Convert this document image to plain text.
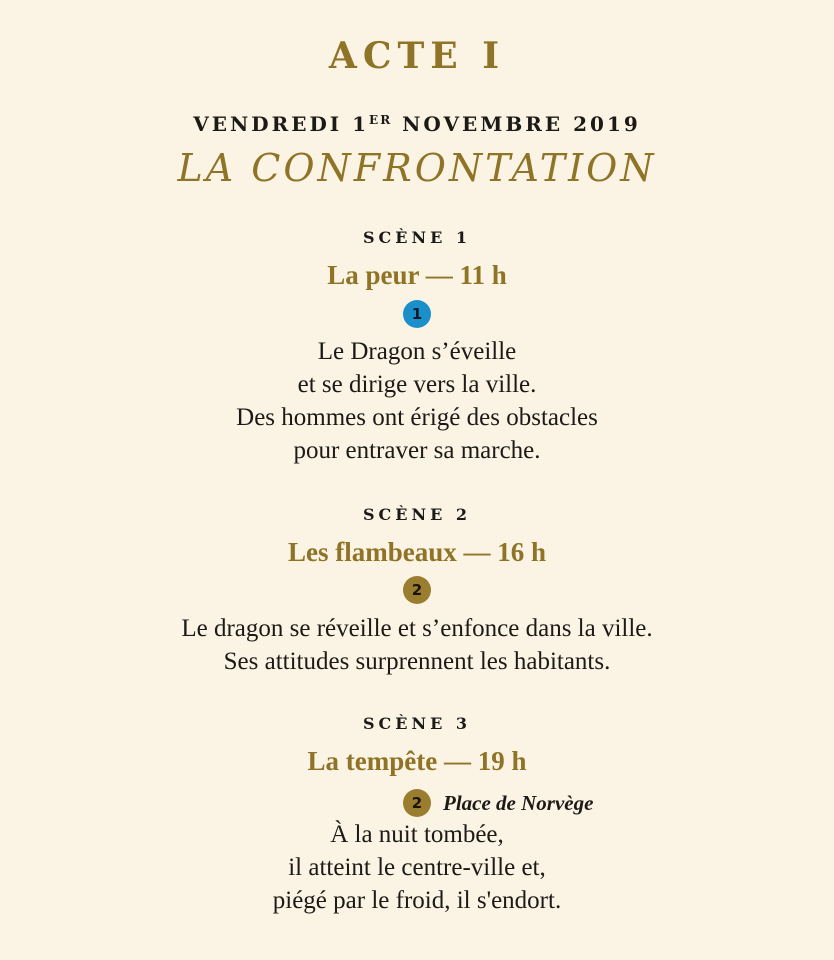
ACTE I
VENDREDI 1ER NOVEMBRE 2019
LA CONFRONTATION
SCÈNE 1
La peur — 11 h
1
Le Dragon s’éveille
et se dirige vers la ville.
Des hommes ont érigé des obstacles
pour entraver sa marche.
SCÈNE 2
Les flambeaux — 16 h
2
Le dragon se réveille et s’enfonce dans la ville.
Ses attitudes surprennent les habitants.
SCÈNE 3
La tempête — 19 h
2 Place de Norvège
À la nuit tombée,
il atteint le centre-ville et,
piégé par le froid, il s'endort.
